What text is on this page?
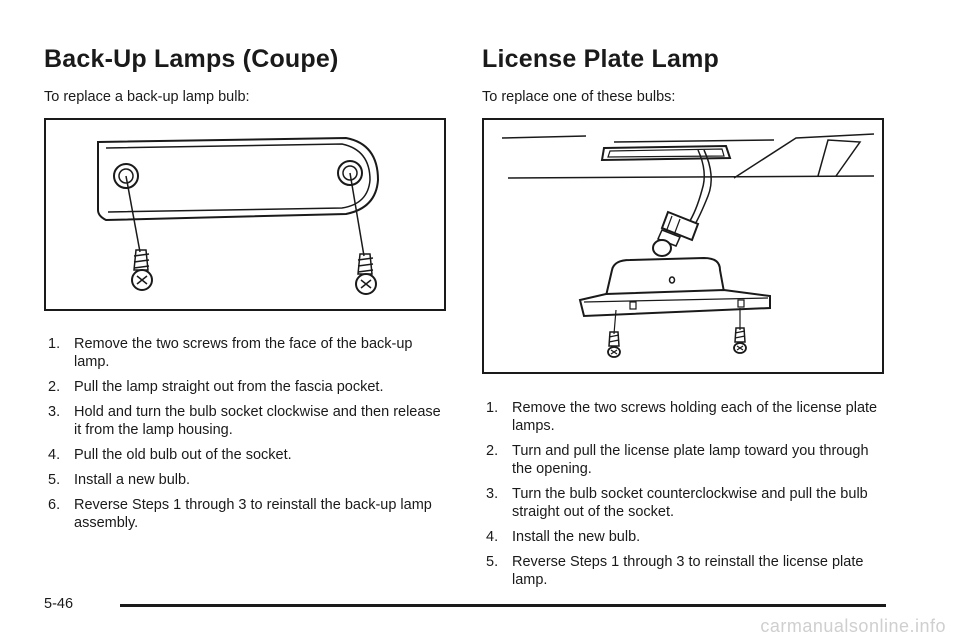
Back-Up Lamps (Coupe)

To replace a back-up lamp bulb:

1. Remove the two screws from the face of the back-up lamp.
2. Pull the lamp straight out from the fascia pocket.
3. Hold and turn the bulb socket clockwise and then release it from the lamp housing.
4. Pull the old bulb out of the socket.
5. Install a new bulb.
6. Reverse Steps 1 through 3 to reinstall the back-up lamp assembly.
License Plate Lamp

To replace one of these bulbs:

1. Remove the two screws holding each of the license plate lamps.
2. Turn and pull the license plate lamp toward you through the opening.
3. Turn the bulb socket counterclockwise and pull the bulb straight out of the socket.
4. Install the new bulb.
5. Reverse Steps 1 through 3 to reinstall the license plate lamp.
5-46
carmanualsonline.info
